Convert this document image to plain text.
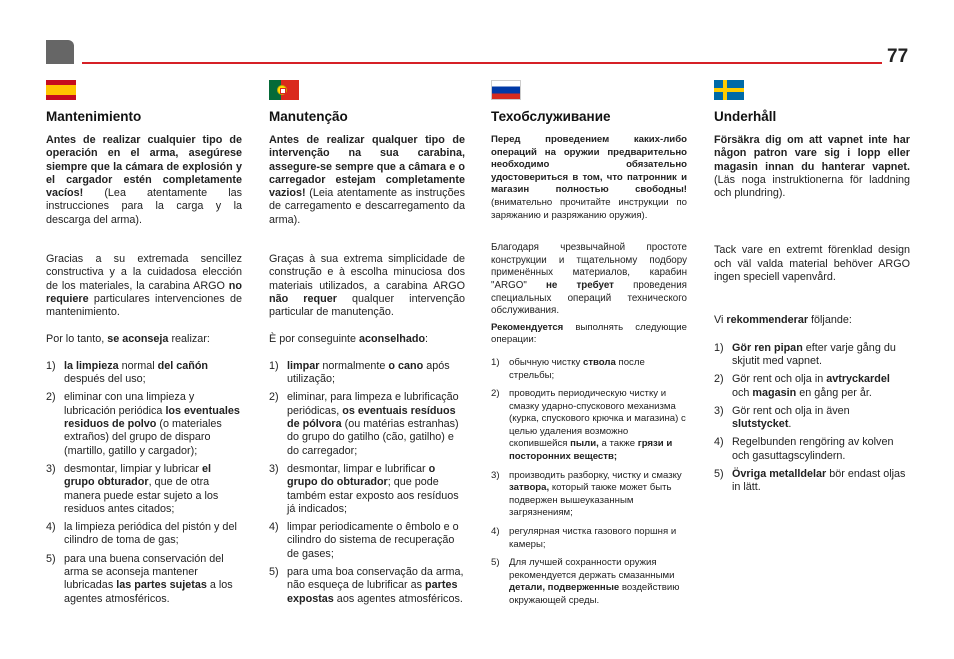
77
Mantenimiento

Antes de realizar cualquier tipo de operación en el arma, asegúrese siempre que la cámara de explosión y el cargador estén completamente vacíos! (Lea atentamente las instrucciones para la carga y la descarga del arma).

Gracias a su extremada sencillez constructiva y a la cuidadosa elección de los materiales, la carabina ARGO no requiere particulares intervenciones de mantenimiento.

Por lo tanto, se aconseja realizar:

1) la limpieza normal del cañón después del uso;
2) eliminar con una limpieza y lubricación periódica los eventuales residuos de polvo (o materiales extraños) del grupo de disparo (martillo, gatillo y cargador);
3) desmontar, limpiar y lubricar el grupo obturador, que de otra manera puede estar sujeto a los residuos antes citados;
4) la limpieza periódica del pistón y del cilindro de toma de gas;
5) para una buena conservación del arma se aconseja mantener lubricadas las partes sujetas a los agentes atmosféricos.
Manutenção

Antes de realizar qualquer tipo de intervenção na sua carabina, assegure-se sempre que a câmara e o carregador estejam completamente vazios! (Leia atentamente as instruções de carregamento e descarregamento da arma).

Graças à sua extrema simplicidade de construção e à escolha minuciosa dos materiais utilizados, a carabina ARGO não requer qualquer intervenção particular de manutenção.

È por conseguinte aconselhado:

1) limpar normalmente o cano após utilização;
2) eliminar, para limpeza e lubrificação periódicas, os eventuais resíduos de pólvora (ou matérias estranhas) do grupo do gatilho (cão, gatilho) e do carregador;
3) desmontar, limpar e lubrificar o grupo do obturador; que pode também estar exposto aos resíduos já indicados;
4) limpar periodicamente o êmbolo e o cilindro do sistema de recuperação de gases;
5) para uma boa conservação da arma, não esqueça de lubrificar as partes expostas aos agentes atmosféricos.
Техобслуживание

Перед проведением каких-либо операций на оружии предварительно необходимо обязательно удостовериться в том, что патронник и магазин полностью свободны! (внимательно прочитайте инструкции по заряжанию и разряжанию оружия).

Благодаря чрезвычайной простоте конструкции и тщательному подбору применённых материалов, карабин "ARGO" не требует проведения специальных операций технического обслуживания.

Рекомендуется выполнять следующие операции:

1) обычную чистку ствола после стрельбы;
2) проводить периодическую чистку и смазку ударно-спускового механизма (курка, спускового крючка и магазина) с целью удаления возможно скопившейся пыли, а также грязи и посторонних веществ;
3) производить разборку, чистку и смазку затвора, который также может быть подвержен вышеуказанным загрязнениям;
4) регулярная чистка газового поршня и камеры;
5) Для лучшей сохранности оружия рекомендуется держать смазанными детали, подверженные воздействию окружающей среды.
Underhåll

Försäkra dig om att vapnet inte har någon patron vare sig i lopp eller magasin innan du hanterar vapnet. (Läs noga instruktionerna för laddning och plundring).

Tack vare en extremt förenklad design och väl valda material behöver ARGO ingen speciell vapenvård.

Vi rekommenderar följande:

1) Gör ren pipan efter varje gång du skjutit med vapnet.
2) Gör rent och olja in avtryckardel och magasin en gång per år.
3) Gör rent och olja in även slutstycket.
4) Regelbunden rengöring av kolven och gasuttagscylindern.
5) Övriga metalldelar bör endast oljas in lätt.
